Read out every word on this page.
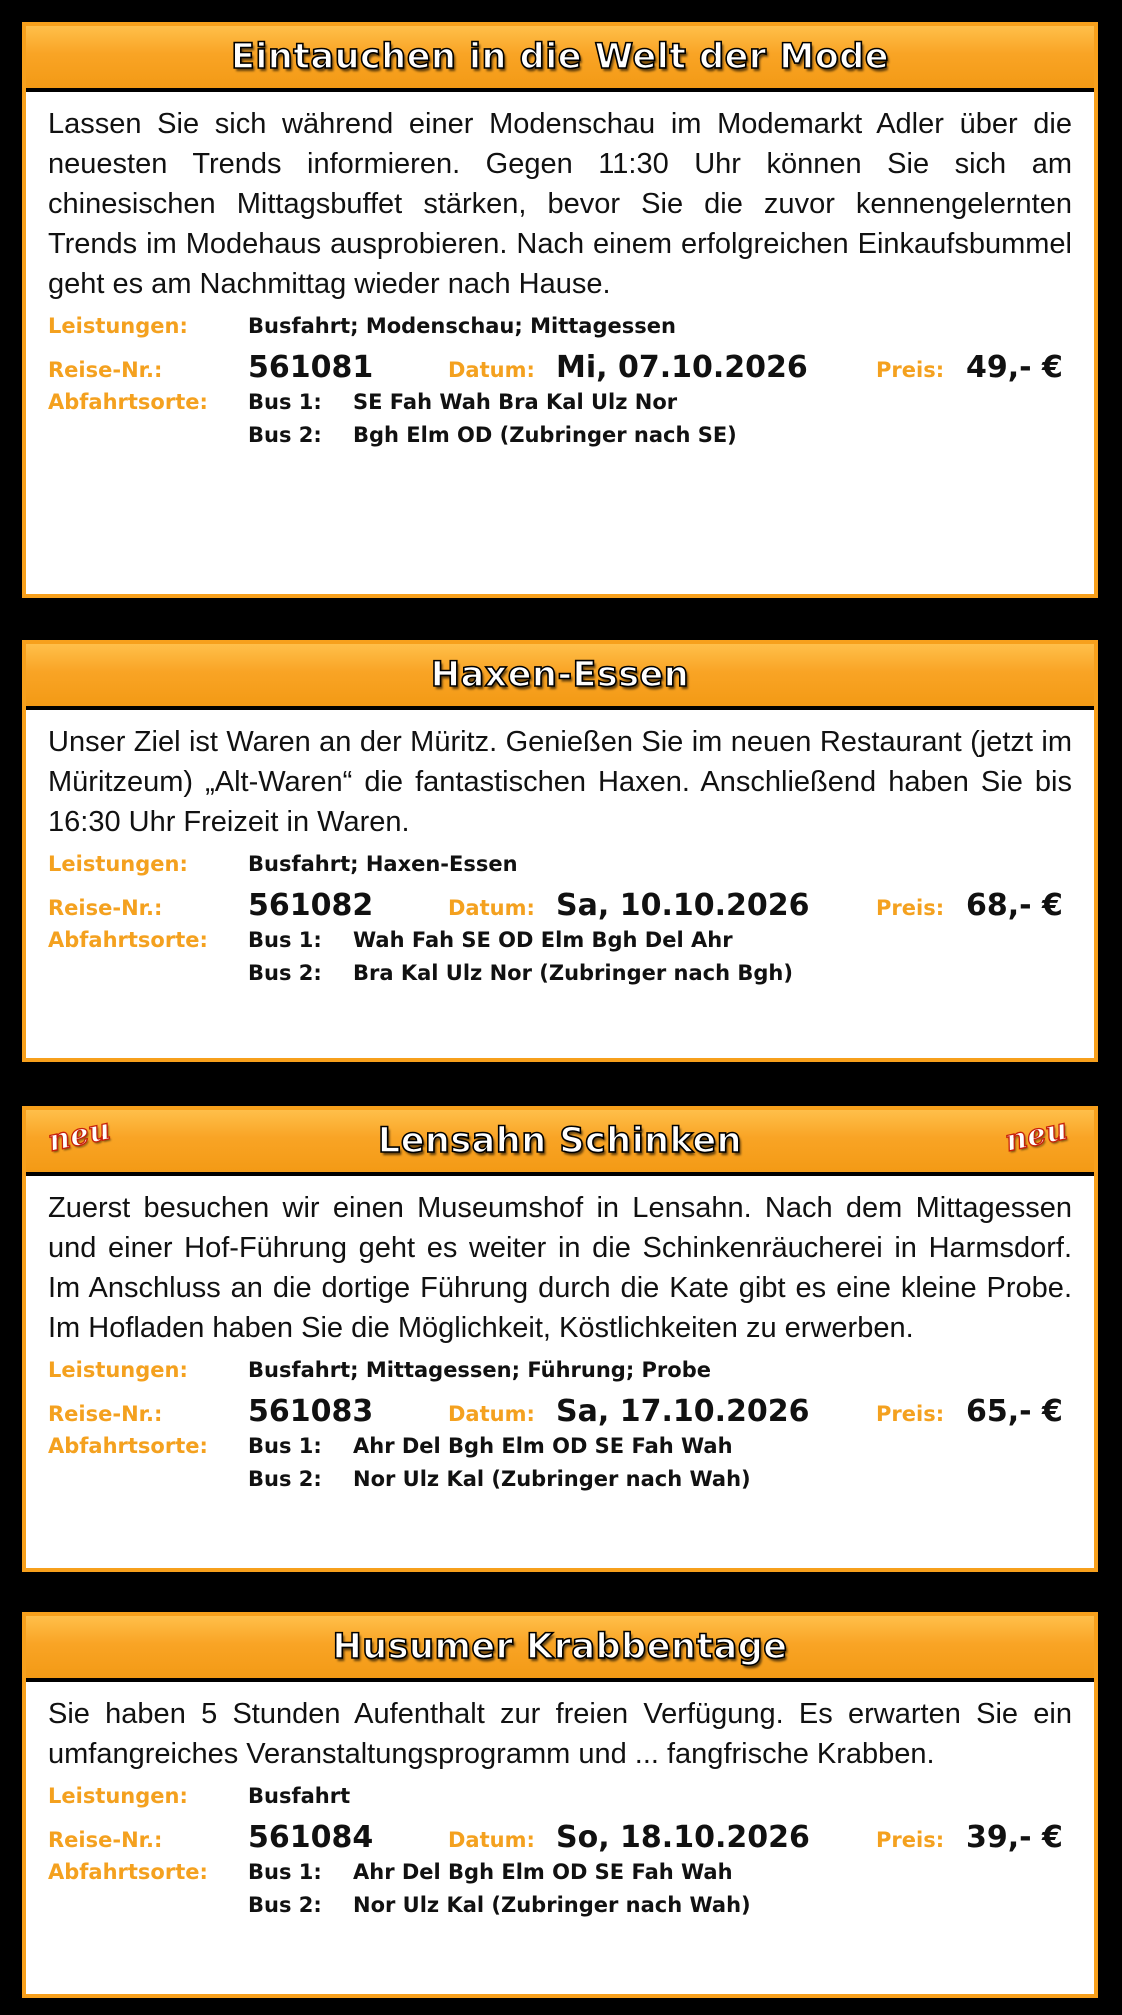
Eintauchen in die Welt der Mode

Lassen Sie sich während einer Modenschau im Modemarkt Adler über die neuesten Trends informieren. Gegen 11:30 Uhr können Sie sich am chinesischen Mittagsbuffet stärken, bevor Sie die zuvor kennengelernten Trends im Modehaus ausprobieren. Nach einem erfolgreichen Einkaufsbummel geht es am Nachmittag wieder nach Hause.

Leistungen:	Busfahrt; Modenschau; Mittagessen
Reise-Nr.:	561081	Datum: Mi, 07.10.2026	Preis: 49,- €
Abfahrtsorte:	Bus 1:	SE Fah Wah Bra Kal Ulz Nor
Bus 2:	Bgh Elm OD (Zubringer nach SE)
Haxen-Essen

Unser Ziel ist Waren an der Müritz. Genießen Sie im neuen Restaurant (jetzt im Müritzeum) „Alt-Waren“ die fantastischen Haxen. Anschließend haben Sie bis 16:30 Uhr Freizeit in Waren.

Leistungen:	Busfahrt; Haxen-Essen
Reise-Nr.:	561082	Datum: Sa, 10.10.2026	Preis: 68,- €
Abfahrtsorte:	Bus 1:	Wah Fah SE OD Elm Bgh Del Ahr
Bus 2:	Bra Kal Ulz Nor (Zubringer nach Bgh)
neu	Lensahn Schinken	neu

Zuerst besuchen wir einen Museumshof in Lensahn. Nach dem Mittagessen und einer Hof-Führung geht es weiter in die Schinkenräucherei in Harmsdorf. Im Anschluss an die dortige Führung durch die Kate gibt es eine kleine Probe. Im Hofladen haben Sie die Möglichkeit, Köstlichkeiten zu erwerben.

Leistungen:	Busfahrt; Mittagessen; Führung; Probe
Reise-Nr.:	561083	Datum: Sa, 17.10.2026	Preis: 65,- €
Abfahrtsorte:	Bus 1:	Ahr Del Bgh Elm OD SE Fah Wah
Bus 2:	Nor Ulz Kal (Zubringer nach Wah)
Husumer Krabbentage

Sie haben 5 Stunden Aufenthalt zur freien Verfügung. Es erwarten Sie ein umfangreiches Veranstaltungsprogramm und ... fangfrische Krabben.

Leistungen:	Busfahrt
Reise-Nr.:	561084	Datum: So, 18.10.2026	Preis: 39,- €
Abfahrtsorte:	Bus 1:	Ahr Del Bgh Elm OD SE Fah Wah
Bus 2:	Nor Ulz Kal (Zubringer nach Wah)
